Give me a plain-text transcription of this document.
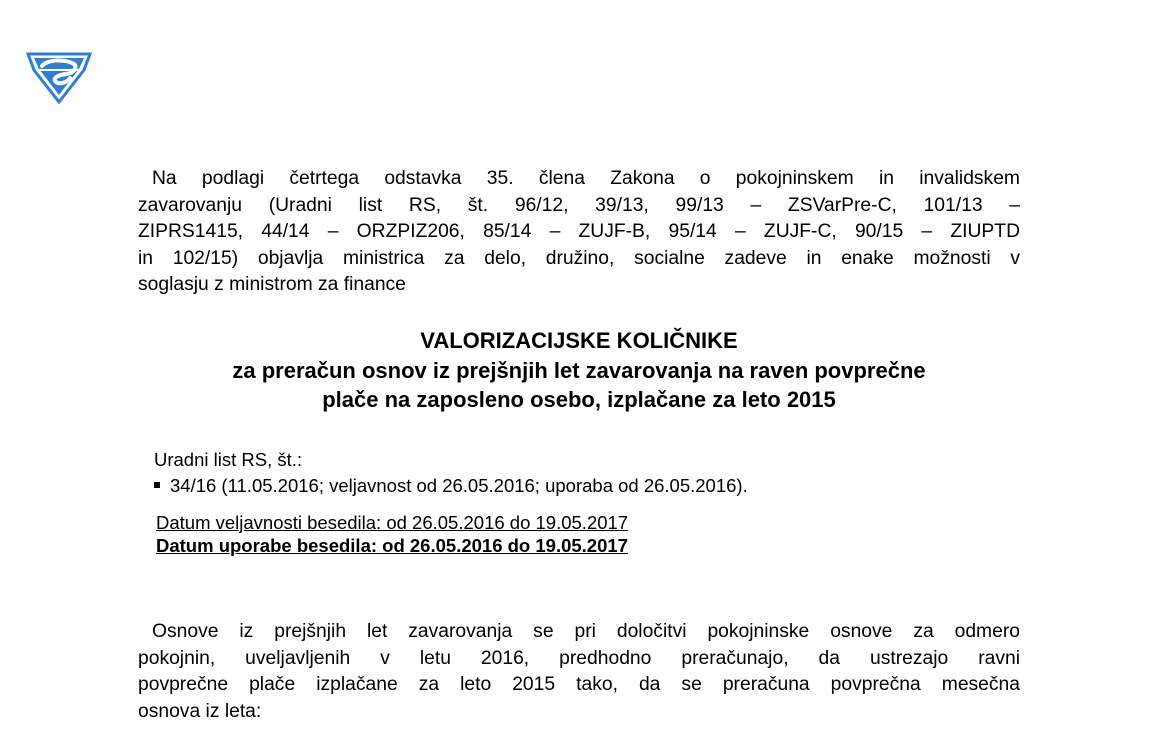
Na podlagi četrtega odstavka 35. člena Zakona o pokojninskem in invalidskem
zavarovanju (Uradni list RS, št. 96/12, 39/13, 99/13 – ZSVarPre-C, 101/13 –
ZIPRS1415, 44/14 – ORZPIZ206, 85/14 – ZUJF-B, 95/14 – ZUJF-C, 90/15 – ZIUPTD
in 102/15) objavlja ministrica za delo, družino, socialne zadeve in enake možnosti v
soglasju z ministrom za finance
VALORIZACIJSKE KOLIČNIKE
za preračun osnov iz prejšnjih let zavarovanja na raven povprečne
plače na zaposleno osebo, izplačane za leto 2015
Uradni list RS, št.:
34/16 (11.05.2016; veljavnost od 26.05.2016; uporaba od 26.05.2016).
Datum veljavnosti besedila: od 26.05.2016 do 19.05.2017
Datum uporabe besedila: od 26.05.2016 do 19.05.2017
Osnove iz prejšnjih let zavarovanja se pri določitvi pokojninske osnove za odmero
pokojnin, uveljavljenih v letu 2016, predhodno preračunajo, da ustrezajo ravni
povprečne plače izplačane za leto 2015 tako, da se preračuna povprečna mesečna
osnova iz leta:
